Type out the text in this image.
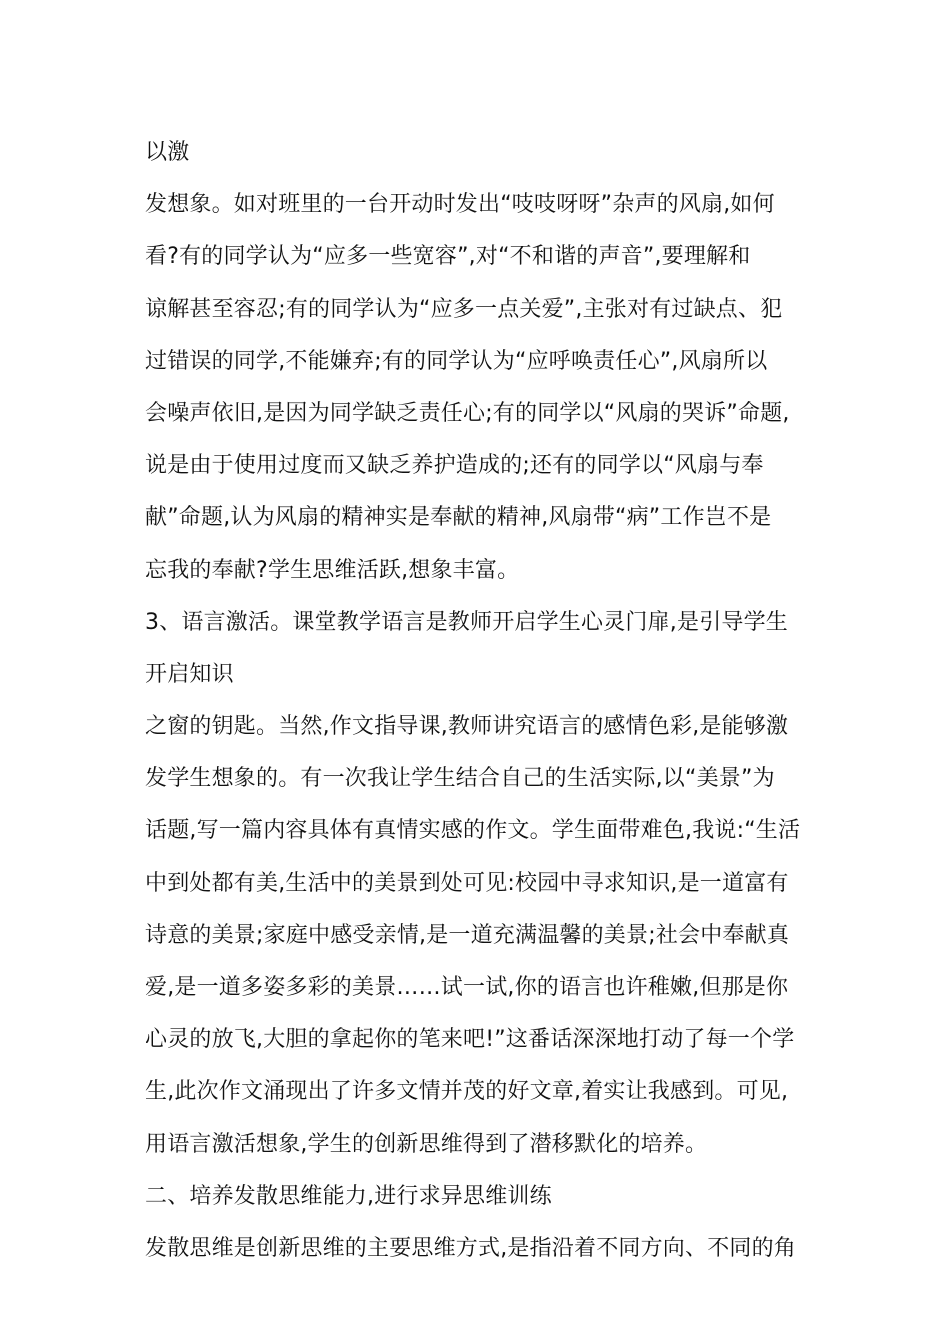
以激
发想象。如对班里的一台开动时发出“吱吱呀呀”杂声的风扇,如何
看?有的同学认为“应多一些宽容”,对“不和谐的声音”,要理解和
谅解甚至容忍;有的同学认为“应多一点关爱”,主张对有过缺点、犯
过错误的同学,不能嫌弃;有的同学认为“应呼唤责任心”,风扇所以
会噪声依旧,是因为同学缺乏责任心;有的同学以“风扇的哭诉”命题,
说是由于使用过度而又缺乏养护造成的;还有的同学以“风扇与奉
献”命题,认为风扇的精神实是奉献的精神,风扇带“病”工作岂不是
忘我的奉献?学生思维活跃,想象丰富。
3、语言激活。课堂教学语言是教师开启学生心灵门扉,是引导学生
开启知识
之窗的钥匙。当然,作文指导课,教师讲究语言的感情色彩,是能够激
发学生想象的。有一次我让学生结合自己的生活实际,以“美景”为
话题,写一篇内容具体有真情实感的作文。学生面带难色,我说:“生活
中到处都有美,生活中的美景到处可见:校园中寻求知识,是一道富有
诗意的美景;家庭中感受亲情,是一道充满温馨的美景;社会中奉献真
爱,是一道多姿多彩的美景……试一试,你的语言也许稚嫩,但那是你
心灵的放飞,大胆的拿起你的笔来吧!”这番话深深地打动了每一个学
生,此次作文涌现出了许多文情并茂的好文章,着实让我感到。可见,
用语言激活想象,学生的创新思维得到了潜移默化的培养。
二、培养发散思维能力,进行求异思维训练
发散思维是创新思维的主要思维方式,是指沿着不同方向、不同的角
